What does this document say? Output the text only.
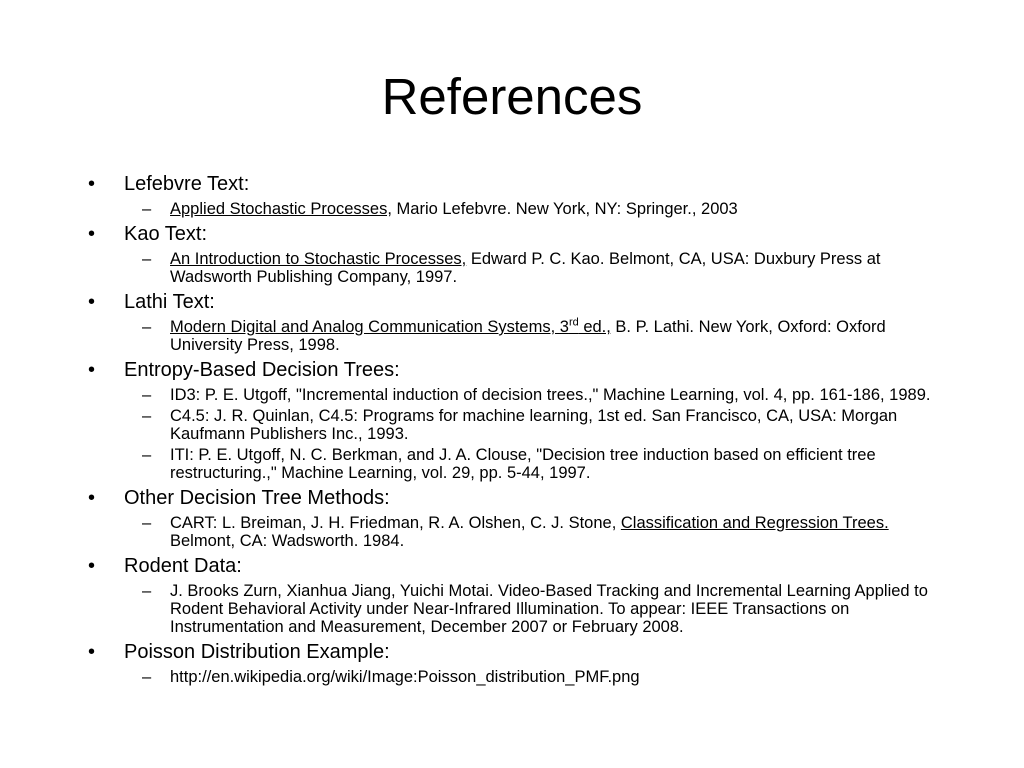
References
•	Lefebvre Text:
– Applied Stochastic Processes, Mario Lefebvre. New York, NY: Springer., 2003
•	Kao Text:
– An Introduction to Stochastic Processes, Edward P. C. Kao. Belmont, CA, USA: Duxbury Press at Wadsworth Publishing Company, 1997.
•	Lathi Text:
– Modern Digital and Analog Communication Systems, 3rd ed., B. P. Lathi. New York, Oxford: Oxford University Press, 1998.
•	Entropy-Based Decision Trees:
– ID3: P. E. Utgoff, "Incremental induction of decision trees.," Machine Learning, vol. 4, pp. 161-186, 1989.
– C4.5: J. R. Quinlan, C4.5: Programs for machine learning, 1st ed. San Francisco, CA, USA: Morgan Kaufmann Publishers Inc., 1993.
– ITI: P. E. Utgoff, N. C. Berkman, and J. A. Clouse, "Decision tree induction based on efficient tree restructuring.," Machine Learning, vol. 29, pp. 5-44, 1997.
•	Other Decision Tree Methods:
– CART: L. Breiman, J. H. Friedman, R. A. Olshen, C. J. Stone, Classification and Regression Trees. Belmont, CA: Wadsworth. 1984.
•	Rodent Data:
– J. Brooks Zurn, Xianhua Jiang, Yuichi Motai. Video-Based Tracking and Incremental Learning Applied to Rodent Behavioral Activity under Near-Infrared Illumination. To appear: IEEE Transactions on Instrumentation and Measurement, December 2007 or February 2008.
•	Poisson Distribution Example:
– http://en.wikipedia.org/wiki/Image:Poisson_distribution_PMF.png
